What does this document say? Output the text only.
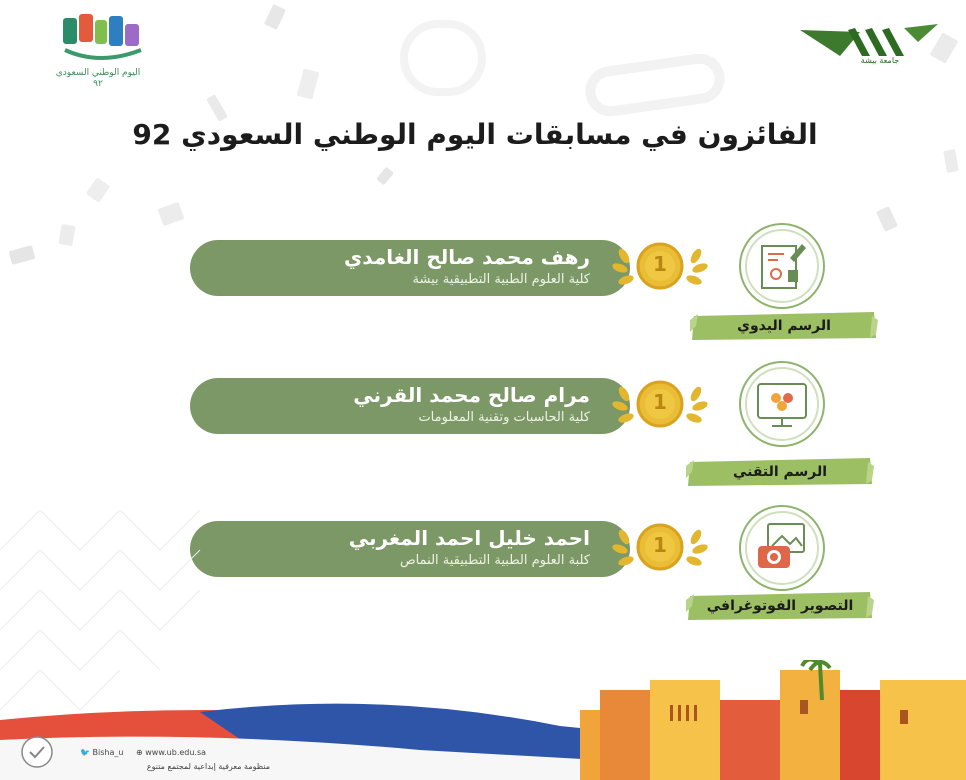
اليوم الوطني السعودي ٩٢
جامعة بيشة
الفائزون في مسابقات اليوم الوطني السعودي 92
رهف محمد صالح الغامدي
كلية العلوم الطبية التطبيقية بيشة
1
الرسم اليدوي
مرام صالح محمد القرني
كلية الحاسبات وتقنية المعلومات
1
الرسم التقني
احمد خليل احمد المغربي
كلبة العلوم الطبية التطبيقية النماص
1
التصوير الفوتوغرافي
🐦 Bisha_u ⊕ www.ub.edu.sa
منظومة معرفية إبداعية لمجتمع متنوع
